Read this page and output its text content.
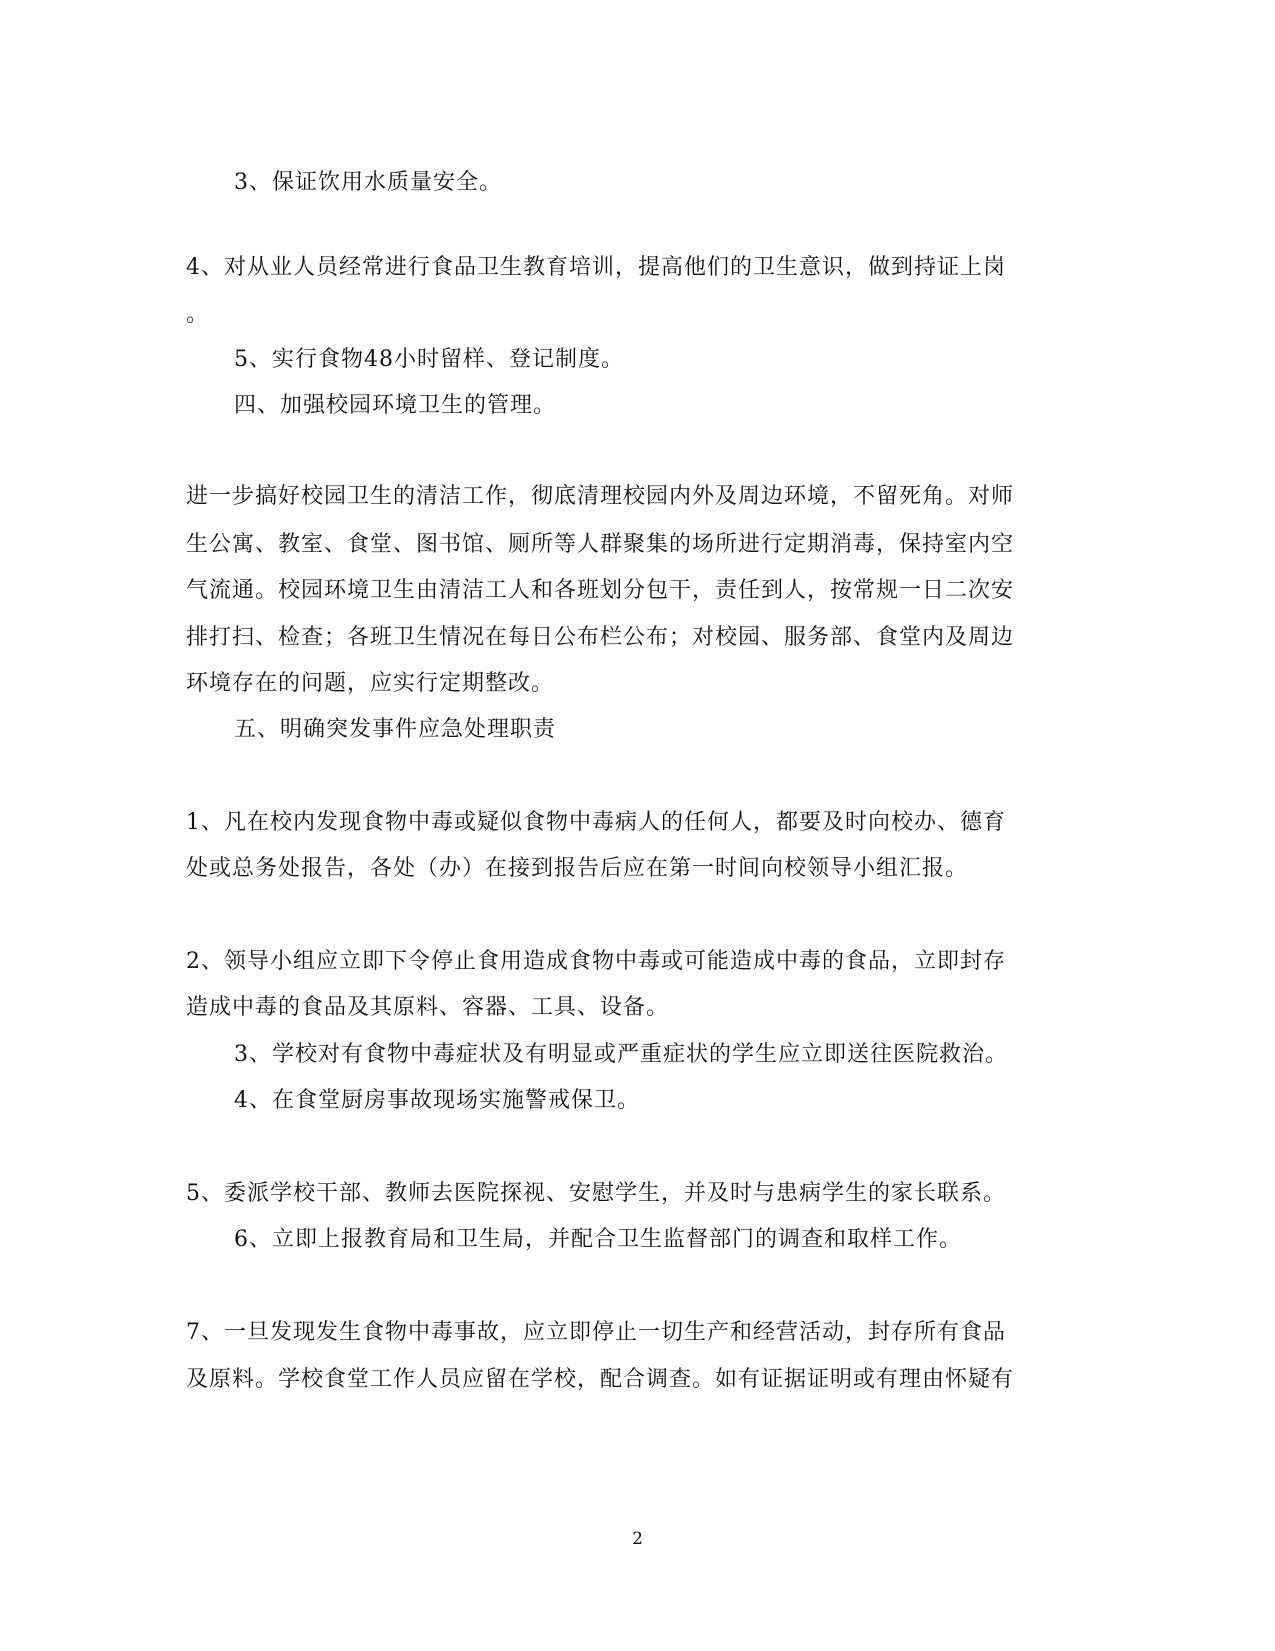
3、保证饮用水质量安全。
4、对从业人员经常进行食品卫生教育培训，提高他们的卫生意识，做到持证上岗
。
5、实行食物48小时留样、登记制度。
四、加强校园环境卫生的管理。
进一步搞好校园卫生的清洁工作，彻底清理校园内外及周边环境，不留死角。对师
生公寓、教室、食堂、图书馆、厕所等人群聚集的场所进行定期消毒，保持室内空
气流通。校园环境卫生由清洁工人和各班划分包干，责任到人，按常规一日二次安
排打扫、检查；各班卫生情况在每日公布栏公布；对校园、服务部、食堂内及周边
环境存在的问题，应实行定期整改。
五、明确突发事件应急处理职责
1、凡在校内发现食物中毒或疑似食物中毒病人的任何人，都要及时向校办、德育
处或总务处报告，各处（办）在接到报告后应在第一时间向校领导小组汇报。
2、领导小组应立即下令停止食用造成食物中毒或可能造成中毒的食品，立即封存
造成中毒的食品及其原料、容器、工具、设备。
3、学校对有食物中毒症状及有明显或严重症状的学生应立即送往医院救治。
4、在食堂厨房事故现场实施警戒保卫。
5、委派学校干部、教师去医院探视、安慰学生，并及时与患病学生的家长联系。
6、立即上报教育局和卫生局，并配合卫生监督部门的调查和取样工作。
7、一旦发现发生食物中毒事故，应立即停止一切生产和经营活动，封存所有食品
及原料。学校食堂工作人员应留在学校，配合调查。如有证据证明或有理由怀疑有
2
